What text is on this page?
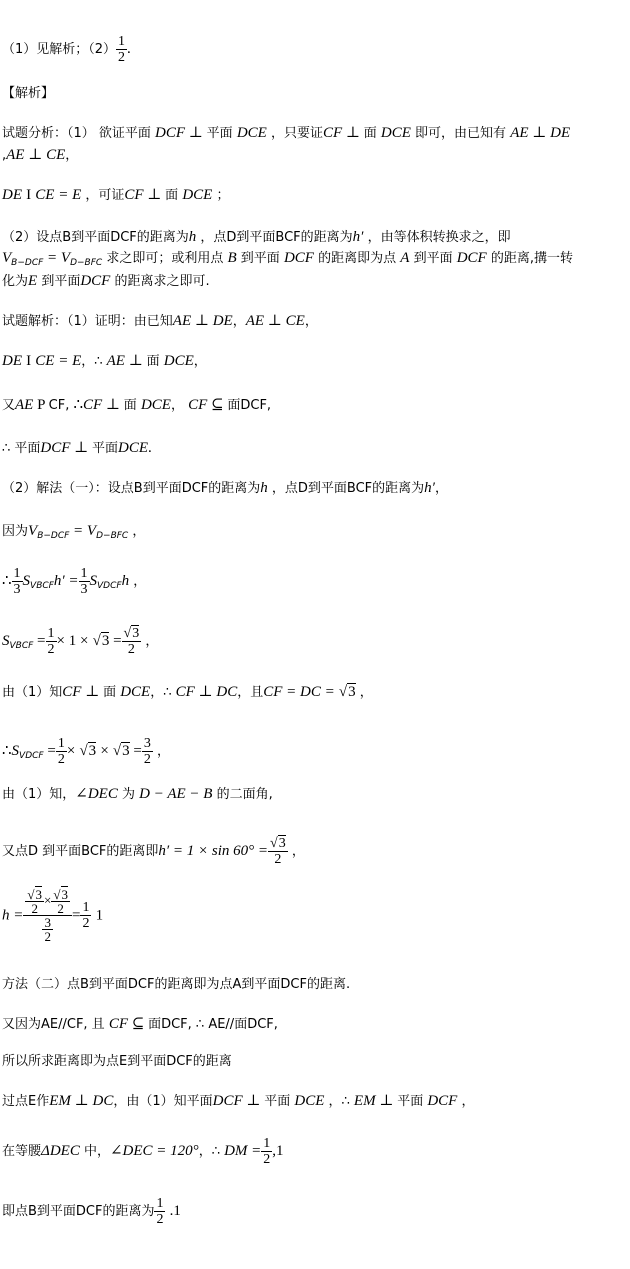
（1）见解析；$(2) \frac{1}{2}$ .
【解析】
试题分析：（1） 欲证平面 DCF ⊥ 平面 DCE ，只要证CF ⊥ 面 DCE 即可，由已知有 AE ⊥ DE
,AE ⊥ CE，
DE I CE = E ，可证CF ⊥ 面 DCE ；
（2）设点B到平面DCF的距离为h ，点D到平面BCF的距离为h′ ，由等体积转换求之，即
$V_{B-DCF} = V_{D-BFC}$ 求之即可；或利用点 B 到平面 DCF 的距离即为点 A 到平面 DCF 的距离,搆一转
化为E 到平面DCF 的距离求之即可.
试题解析：（1）证明：由已知AE ⊥ DE，AE ⊥ CE，
DE I CE = E，∴ AE ⊥ 面 DCE，
又AE P CF, ∴CF ⊥ 面 DCE， CF ⊆ 面DCF,
∴ 平面DCF ⊥ 平面DCE.
（2）解法（一）：设点B到平面DCF的距离为h ，点D到平面BCF的距离为h′，
因为$V_{B-DCF} = V_{D-BFC}$ ，
∴ $\frac{1}{3} S_{VBCF}h' = \frac{1}{3} S_{VDCF}h$ ，
$S_{VBCF} = \frac{1}{2} \times 1 \times √3 = \frac{√3}{2}$ ，
由（1）知CF ⊥ 面 DCE，∴ CF ⊥ DC，且CF = DC = √3 ，
$\therefore S_{VDCF} = \frac{1}{2} \times √3 \times √3 = \frac{3}{2}$ ，
由（1）知，∠DEC 为 D − AE − B 的二面角,
又点D 到平面BCF的距离即$h' = 1 \times \sin 60^\circ = \frac{√3}{2}$ ，
$h = \frac{\frac{√3}{2} \times \frac{√3}{2}}{\frac{3}{2}} = \frac{1}{2} 1$
方法（二）点B到平面DCF的距离即为点A到平面DCF的距离.
又因为AE//CF, 且 CF ⊆ 面DCF, ∴ AE//面DCF,
所以所求距离即为点E到平面DCF的距离
过点E作EM ⊥ DC，由（1）知平面DCF ⊥ 平面 DCE ，∴ EM ⊥ 平面 DCF ，
在等腰ΔDEC 中，∠DEC = 120°，∴ DM = $\frac{1}{2} ,1$
即点B到平面DCF的距离为 $\frac{1}{2} .1$
